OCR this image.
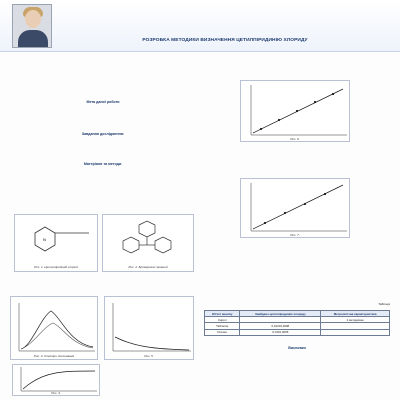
РОЗРОБКА МЕТОДИКИ ВИЗНАЧЕННЯ ЦЕТИЛПІРИДИНІЮ ХЛОРИДУ
Мета даної роботи
Завдання дослідження:
Матеріали та методи.
N
Рис. 1. Цетилпіридиній хлорид	Рис. 2. Бромкрезол зелений
Рис. 3. Спектри поглинання
Рис. 4.
Рис. 5.
Рис. 6.
Рис. 7.
Таблиця
Об'єкт аналізу	Знайдено цетилпіридинію хлориду	Метрологічна характеристика
Сироп		1 методикою
Таблетки	0,012±0,0008	
Розчин	0,01±0,0005	
Висновки
